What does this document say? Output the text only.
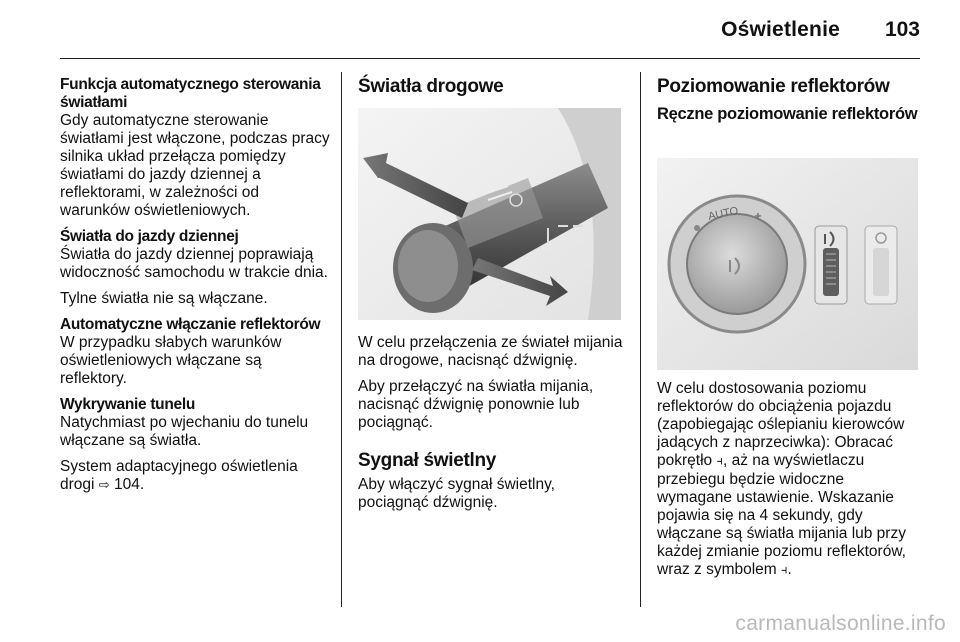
Oświetlenie	103
Funkcja automatycznego sterowania światłami

Gdy automatyczne sterowanie światłami jest włączone, podczas pracy silnika układ przełącza pomiędzy światłami do jazdy dziennej a reflektorami, w zależności od warunków oświetleniowych.

Światła do jazdy dziennej

Światła do jazdy dziennej poprawiają widoczność samochodu w trakcie dnia.

Tylne światła nie są włączane.

Automatyczne włączanie reflektorów

W przypadku słabych warunków oświetleniowych włączane są reflektory.

Wykrywanie tunelu

Natychmiast po wjechaniu do tunelu włączane są światła.

System adaptacyjnego oświetlenia drogi ⇨ 104.

Światła drogowe

W celu przełączenia ze świateł mijania na drogowe, nacisnąć dźwignię.

Aby przełączyć na światła mijania, nacisnąć dźwignię ponownie lub pociągnąć.

Sygnał świetlny

Aby włączyć sygnał świetlny, pociągnąć dźwignię.

Poziomowanie reflektorów
Ręczne poziomowanie reflektorów
AUTO

W celu dostosowania poziomu reflektorów do obciążenia pojazdu (zapobiegając oślepianiu kierowców jadących z naprzeciwka): Obracać pokrętło ⫞, aż na wyświetlaczu przebiegu będzie widoczne wymagane ustawienie. Wskazanie pojawia się na 4 sekundy, gdy włączane są światła mijania lub przy każdej zmianie poziomu reflektorów, wraz z symbolem ⫞.

carmanualsonline.info
